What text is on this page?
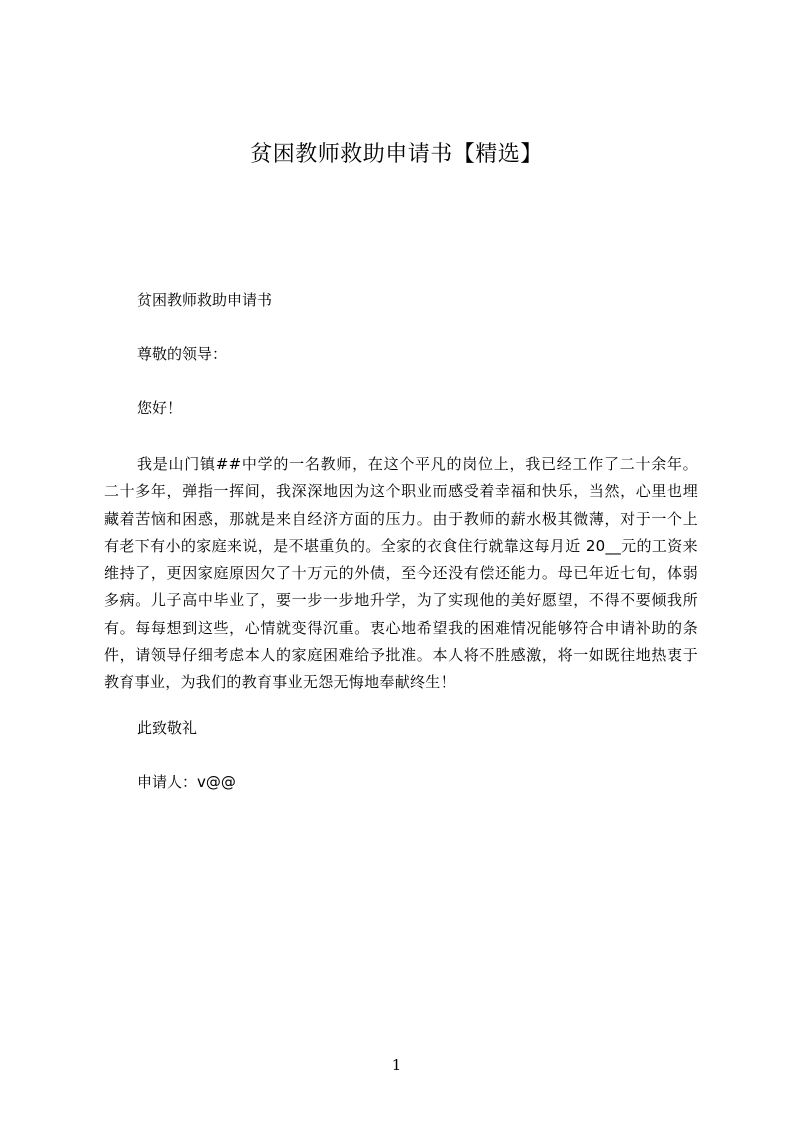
贫困教师救助申请书【精选】
贫困教师救助申请书
尊敬的领导：
您好！

我是山门镇##中学的一名教师，在这个平凡的岗位上，我已经工作了二十余年。二十多年，弹指一挥间，我深深地因为这个职业而感受着幸福和快乐，当然，心里也埋藏着苦恼和困惑，那就是来自经济方面的压力。由于教师的薪水极其微薄，对于一个上有老下有小的家庭来说，是不堪重负的。全家的衣食住行就靠这每月近 20__元的工资来维持了，更因家庭原因欠了十万元的外债，至今还没有偿还能力。母已年近七旬，体弱多病。儿子高中毕业了，要一步一步地升学，为了实现他的美好愿望，不得不要倾我所有。每每想到这些，心情就变得沉重。衷心地希望我的困难情况能够符合申请补助的条件，请领导仔细考虑本人的家庭困难给予批准。本人将不胜感激，将一如既往地热衷于教育事业，为我们的教育事业无怨无悔地奉献终生！

此致敬礼
申请人：v@@
1
